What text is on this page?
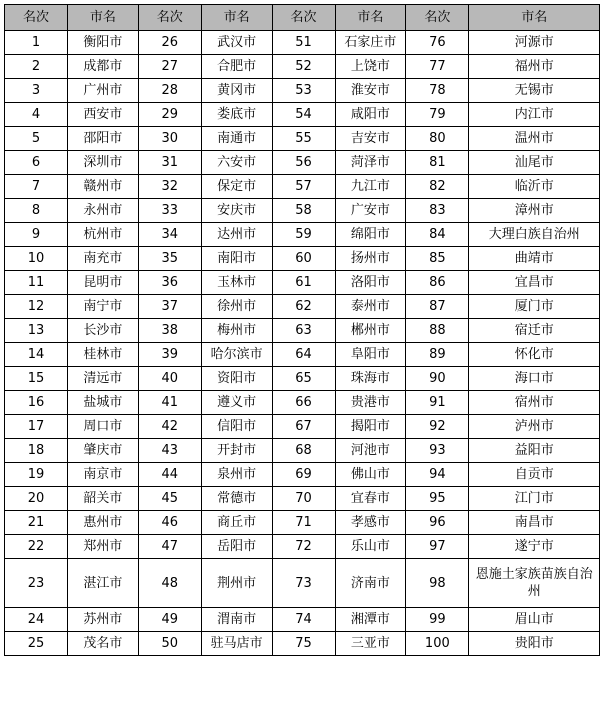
名次	市名	名次	市名	名次	市名	名次	市名
1	衡阳市	26	武汉市	51	石家庄市	76	河源市
2	成都市	27	合肥市	52	上饶市	77	福州市
3	广州市	28	黄冈市	53	淮安市	78	无锡市
4	西安市	29	娄底市	54	咸阳市	79	内江市
5	邵阳市	30	南通市	55	吉安市	80	温州市
6	深圳市	31	六安市	56	菏泽市	81	汕尾市
7	赣州市	32	保定市	57	九江市	82	临沂市
8	永州市	33	安庆市	58	广安市	83	漳州市
9	杭州市	34	达州市	59	绵阳市	84	大理白族自治州
10	南充市	35	南阳市	60	扬州市	85	曲靖市
11	昆明市	36	玉林市	61	洛阳市	86	宜昌市
12	南宁市	37	徐州市	62	泰州市	87	厦门市
13	长沙市	38	梅州市	63	郴州市	88	宿迁市
14	桂林市	39	哈尔滨市	64	阜阳市	89	怀化市
15	清远市	40	资阳市	65	珠海市	90	海口市
16	盐城市	41	遵义市	66	贵港市	91	宿州市
17	周口市	42	信阳市	67	揭阳市	92	泸州市
18	肇庆市	43	开封市	68	河池市	93	益阳市
19	南京市	44	泉州市	69	佛山市	94	自贡市
20	韶关市	45	常德市	70	宜春市	95	江门市
21	惠州市	46	商丘市	71	孝感市	96	南昌市
22	郑州市	47	岳阳市	72	乐山市	97	遂宁市
23	湛江市	48	荆州市	73	济南市	98	恩施土家族苗族自治州
24	苏州市	49	渭南市	74	湘潭市	99	眉山市
25	茂名市	50	驻马店市	75	三亚市	100	贵阳市
